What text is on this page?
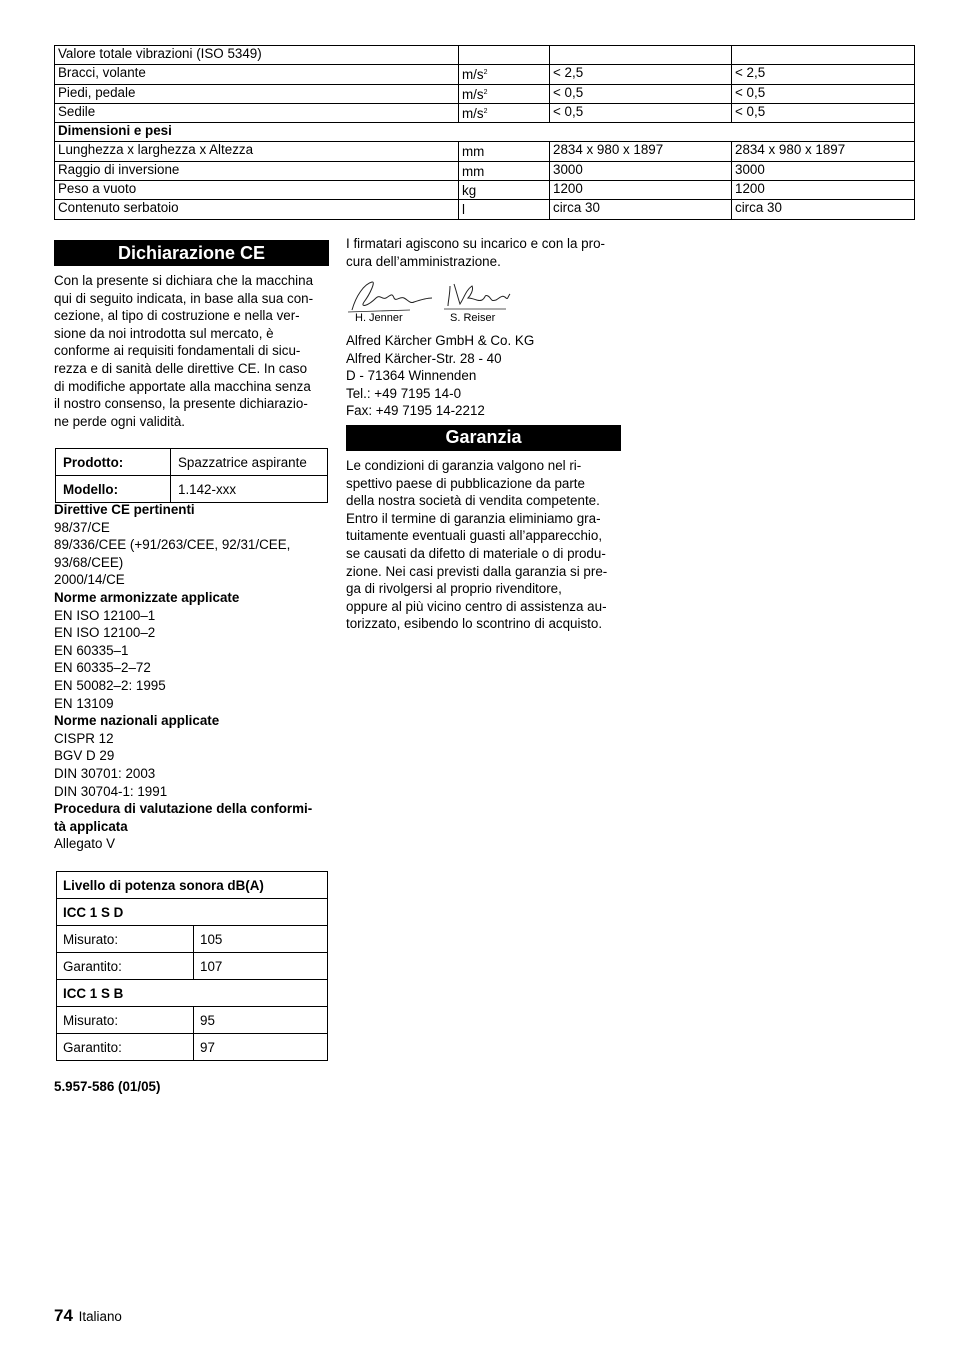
Valore totale vibrazioni (ISO 5349)			
Bracci, volante	$m/s^2$	< 2,5	< 2,5
Piedi, pedale	$m/s^2$	< 0,5	< 0,5
Sedile	$m/s^2$	< 0,5	< 0,5
Dimensioni e pesi			
Lunghezza x larghezza x Altezza	mm	2834 x 980 x 1897	2834 x 980 x 1897
Raggio di inversione	mm	3000	3000
Peso a vuoto	kg	1200	1200
Contenuto serbatoio	l	circa 30	circa 30
Dichiarazione CE
Con la presente si dichiara che la macchina
qui di seguito indicata, in base alla sua con-
cezione, al tipo di costruzione e nella ver-
sione da noi introdotta sul mercato, è
conforme ai requisiti fondamentali di sicu-
rezza e di sanità delle direttive CE. In caso
di modifiche apportate alla macchina senza
il nostro consenso, la presente dichiarazio-
ne perde ogni validità.
Prodotto:	Spazzatrice aspirante
Modello:	1.142-xxx
Direttive CE pertinenti
98/37/CE
89/336/CEE (+91/263/CEE, 92/31/CEE,
93/68/CEE)
2000/14/CE
Norme armonizzate applicate
EN ISO 12100–1
EN ISO 12100–2
EN 60335–1
EN 60335–2–72
EN 50082–2: 1995
EN 13109
Norme nazionali applicate
CISPR 12
BGV D 29
DIN 30701: 2003
DIN 30704-1: 1991
Procedura di valutazione della conformi-
tà applicata
Allegato V
Livello di potenza sonora dB(A)	
ICC 1 S D	
Misurato:	105
Garantito:	107
ICC 1 S B	
Misurato:	95
Garantito:	97
5.957-586 (01/05)
I firmatari agiscono su incarico e con la pro-
cura dell’amministrazione.
H. Jenner	S. Reiser
Alfred Kärcher GmbH & Co. KG
Alfred Kärcher-Str. 28 - 40
D - 71364 Winnenden
Tel.: +49 7195 14-0
Fax: +49 7195 14-2212
Garanzia
Le condizioni di garanzia valgono nel ri-
spettivo paese di pubblicazione da parte
della nostra società di vendita competente.
Entro il termine di garanzia eliminiamo gra-
tuitamente eventuali guasti all’apparecchio,
se causati da difetto di materiale o di produ-
zione. Nei casi previsti dalla garanzia si pre-
ga di rivolgersi al proprio rivenditore,
oppure al più vicino centro di assistenza au-
torizzato, esibendo lo scontrino di acquisto.
74 Italiano
